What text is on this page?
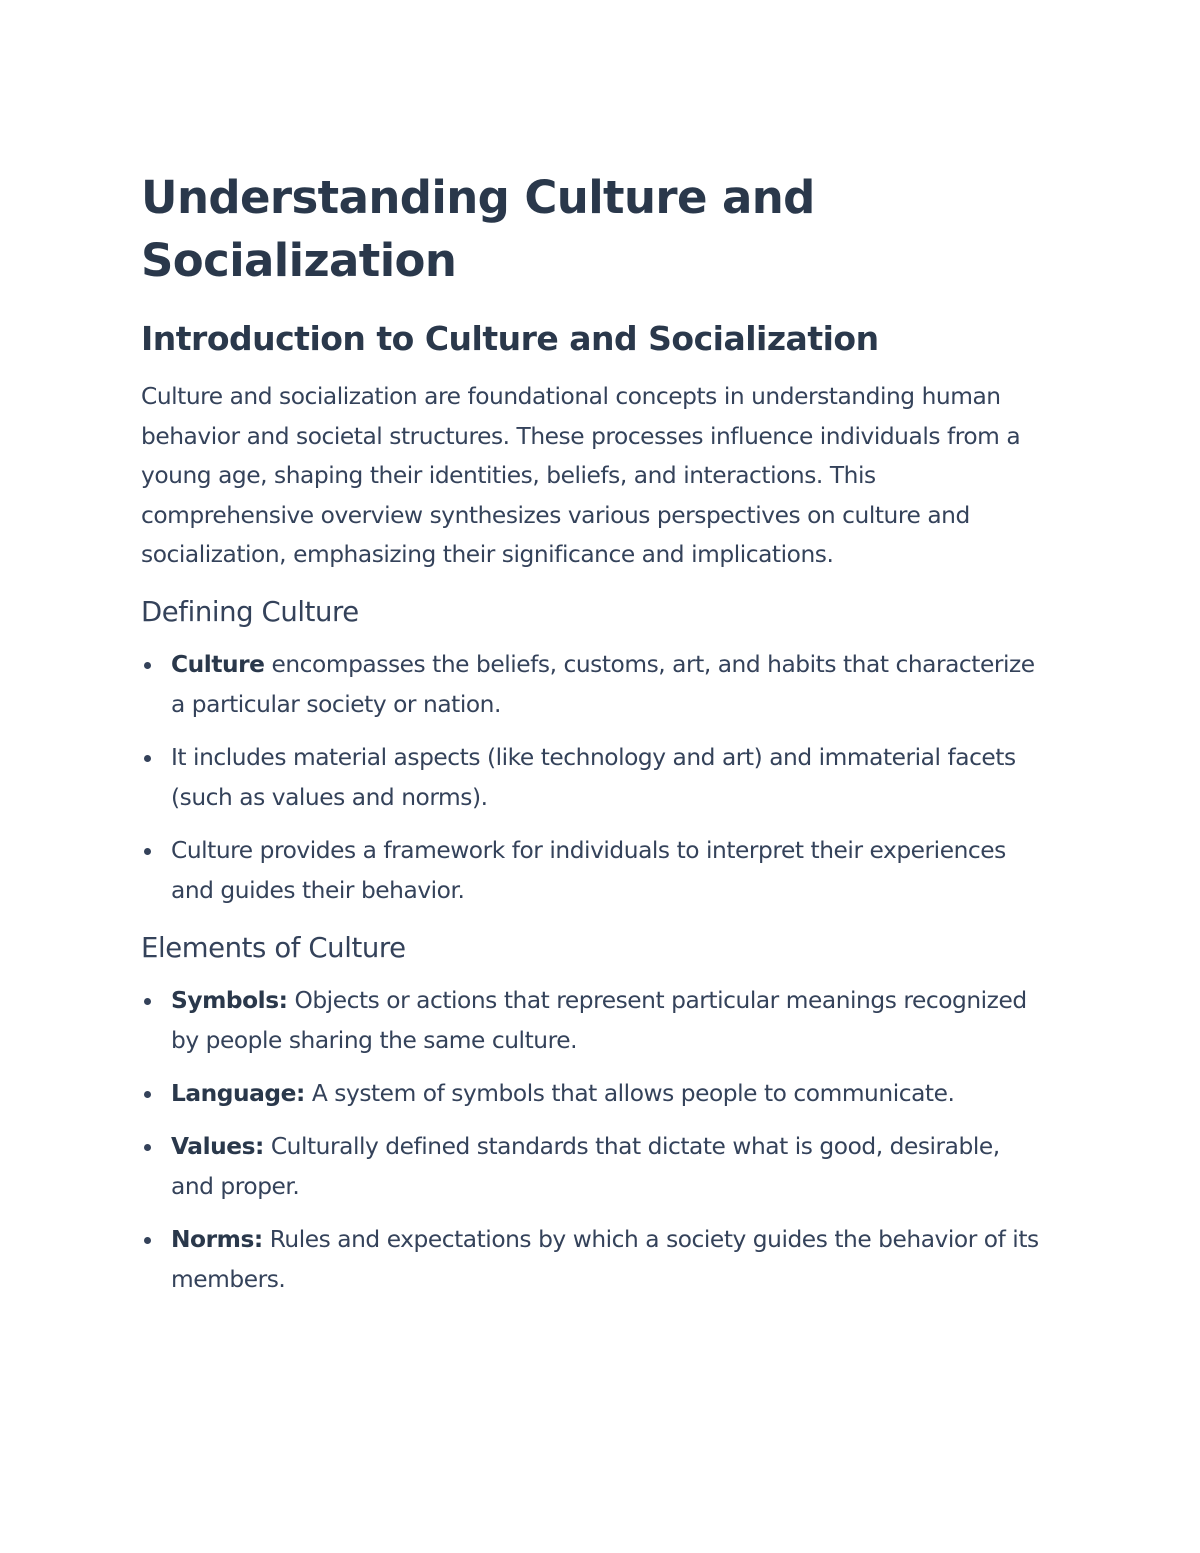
Understanding Culture and Socialization
Introduction to Culture and Socialization

Culture and socialization are foundational concepts in understanding human behavior and societal structures. These processes influence individuals from a young age, shaping their identities, beliefs, and interactions. This comprehensive overview synthesizes various perspectives on culture and socialization, emphasizing their significance and implications.

Defining Culture
Culture encompasses the beliefs, customs, art, and habits that characterize a particular society or nation.
It includes material aspects (like technology and art) and immaterial facets (such as values and norms).
Culture provides a framework for individuals to interpret their experiences and guides their behavior.
Elements of Culture
Symbols: Objects or actions that represent particular meanings recognized by people sharing the same culture.
Language: A system of symbols that allows people to communicate.
Values: Culturally defined standards that dictate what is good, desirable, and proper.
Norms: Rules and expectations by which a society guides the behavior of its members.
